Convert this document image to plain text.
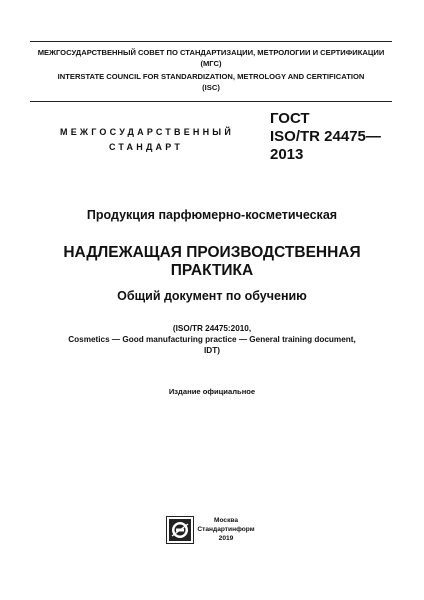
МЕЖГОСУДАРСТВЕННЫЙ СОВЕТ ПО СТАНДАРТИЗАЦИИ, МЕТРОЛОГИИ И СЕРТИФИКАЦИИ

(МГС)

INTERSTATE COUNCIL FOR STANDARDIZATION, METROLOGY AND CERTIFICATION

(ISC)

МЕЖГОСУДАРСТВЕННЫЙ
СТАНДАРТ
ГОСТ
ISO/TR 24475—
2013
Продукция парфюмерно-косметическая
НАДЛЕЖАЩАЯ ПРОИЗВОДСТВЕННАЯ
ПРАКТИКА
Общий документ по обучению
(ISO/TR 24475:2010,
Cosmetics — Good manufacturing practice — General training document,
IDT)
Издание официальное
Москва
Стандартинформ
2019
